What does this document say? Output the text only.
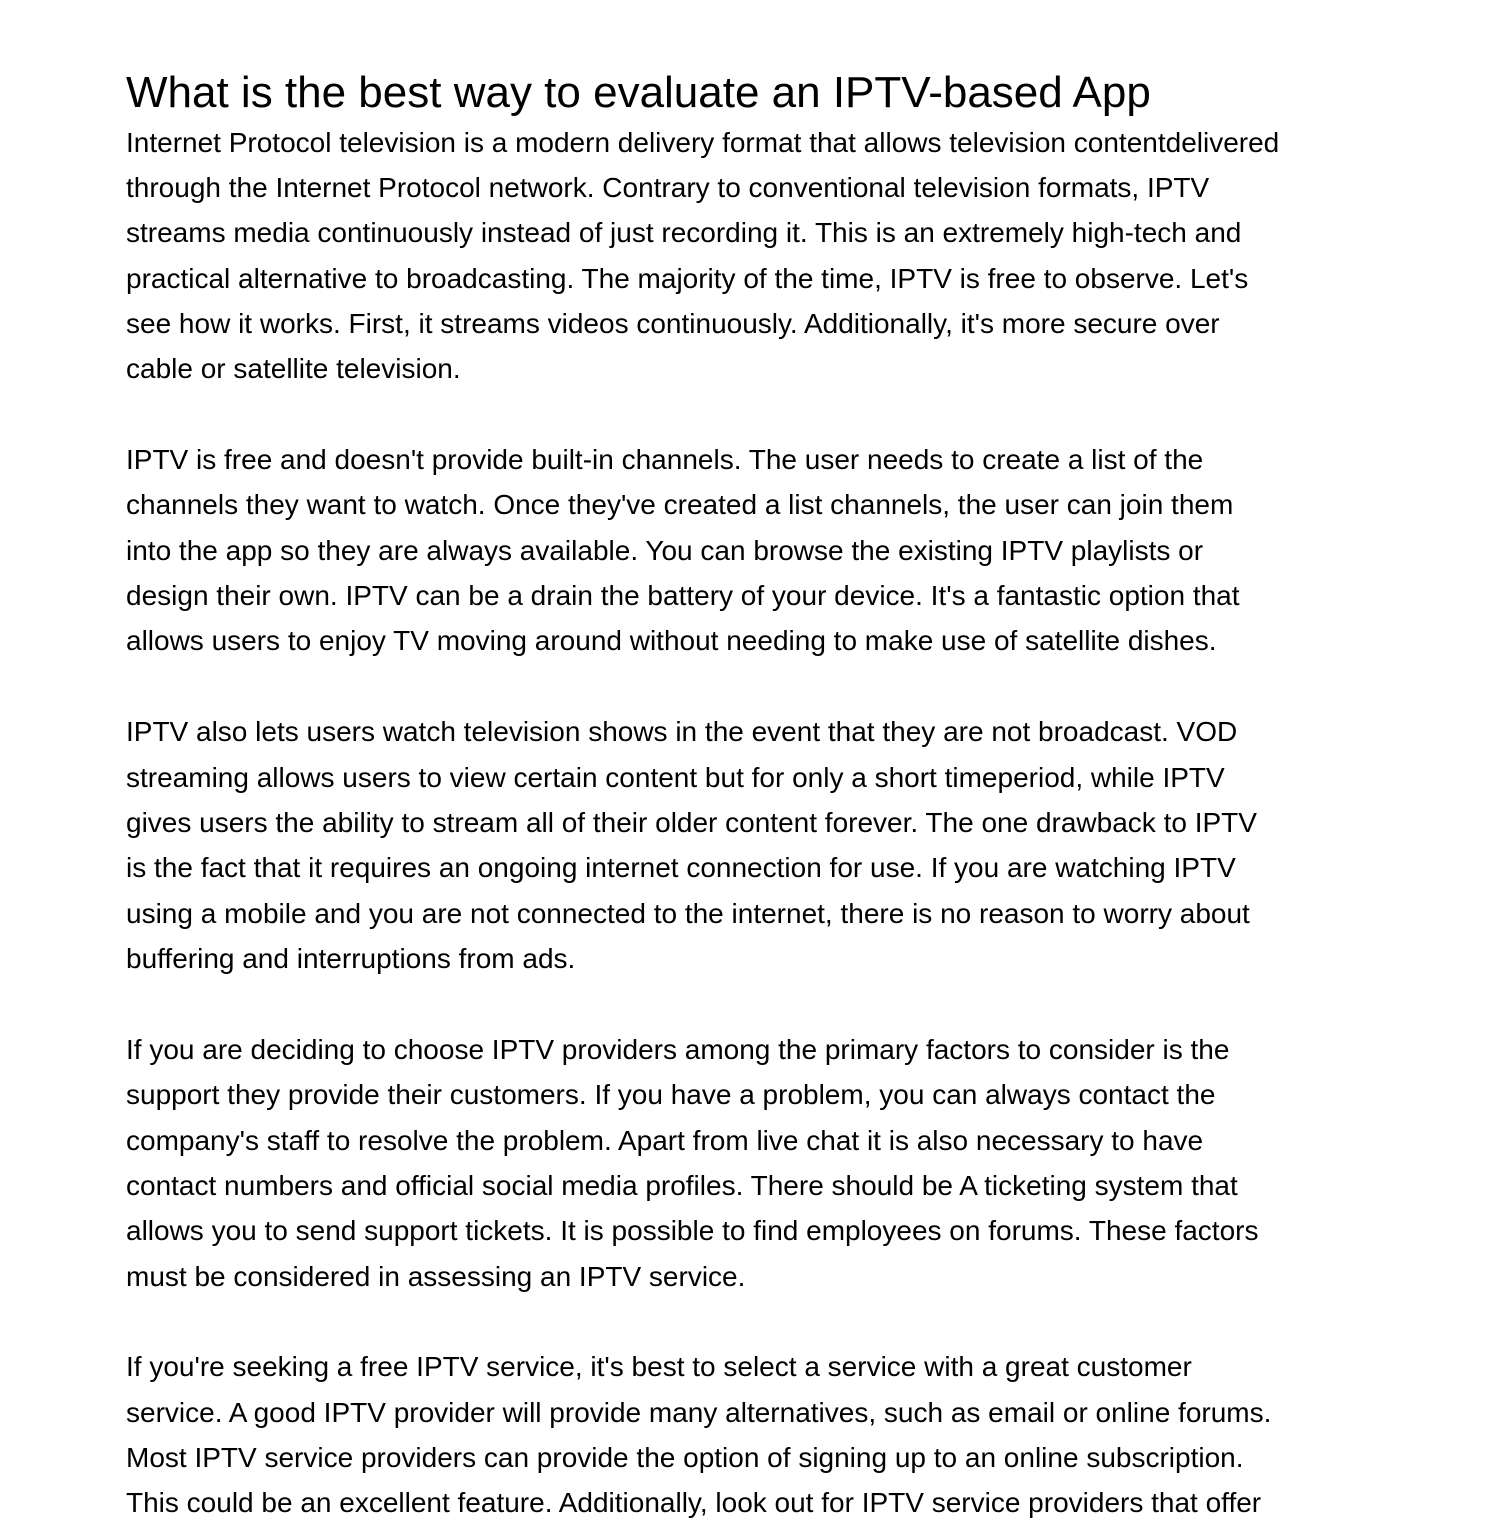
What is the best way to evaluate an IPTV-based App

Internet Protocol television is a modern delivery format that allows television contentdelivered

through the Internet Protocol network. Contrary to conventional television formats, IPTV

streams media continuously instead of just recording it. This is an extremely high-tech and

practical alternative to broadcasting. The majority of the time, IPTV is free to observe. Let's

see how it works. First, it streams videos continuously. Additionally, it's more secure over

cable or satellite television.

IPTV is free and doesn't provide built-in channels. The user needs to create a list of the

channels they want to watch. Once they've created a list channels, the user can join them

into the app so they are always available. You can browse the existing IPTV playlists or

design their own. IPTV can be a drain the battery of your device. It's a fantastic option that

allows users to enjoy TV moving around without needing to make use of satellite dishes.

IPTV also lets users watch television shows in the event that they are not broadcast. VOD

streaming allows users to view certain content but for only a short timeperiod, while IPTV

gives users the ability to stream all of their older content forever. The one drawback to IPTV

is the fact that it requires an ongoing internet connection for use. If you are watching IPTV

using a mobile and you are not connected to the internet, there is no reason to worry about

buffering and interruptions from ads.

If you are deciding to choose IPTV providers among the primary factors to consider is the

support they provide their customers. If you have a problem, you can always contact the

company's staff to resolve the problem. Apart from live chat it is also necessary to have

contact numbers and official social media profiles. There should be A ticketing system that

allows you to send support tickets. It is possible to find employees on forums. These factors

must be considered in assessing an IPTV service.

If you're seeking a free IPTV service, it's best to select a service with a great customer

service. A good IPTV provider will provide many alternatives, such as email or online forums.

Most IPTV service providers can provide the option of signing up to an online subscription.

This could be an excellent feature. Additionally, look out for IPTV service providers that offer
